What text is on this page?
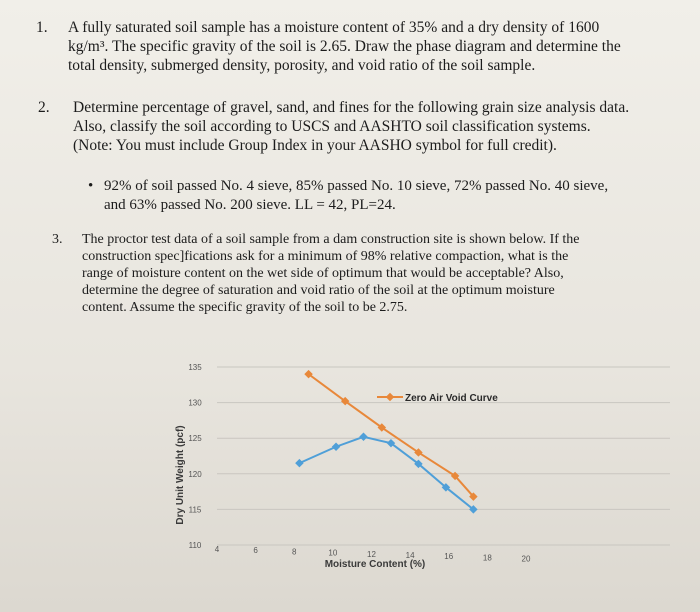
1. A fully saturated soil sample has a moisture content of 35% and a dry density of 1600
kg/m³. The specific gravity of the soil is 2.65. Draw the phase diagram and determine the
total density, submerged density, porosity, and void ratio of the soil sample.
2. Determine percentage of gravel, sand, and fines for the following grain size analysis data.
Also, classify the soil according to USCS and AASHTO soil classification systems.
(Note: You must include Group Index in your AASHO symbol for full credit).
• 92% of soil passed No. 4 sieve, 85% passed No. 10 sieve, 72% passed No. 40 sieve,
and 63% passed No. 200 sieve. LL = 42, PL=24.
3. The proctor test data of a soil sample from a dam construction site is shown below. If the
construction spec]fications ask for a minimum of 98% relative compaction, what is the
range of moisture content on the wet side of optimum that would be acceptable? Also,
determine the degree of saturation and void ratio of the soil at the optimum moisture
content. Assume the specific gravity of the soil to be 2.75.
110
115
120
125
130
135
4	6	8	10	12	14	16	18	20
Dry Unit Weight (pcf)
Moisture Content (%)
Zero Air Void Curve
